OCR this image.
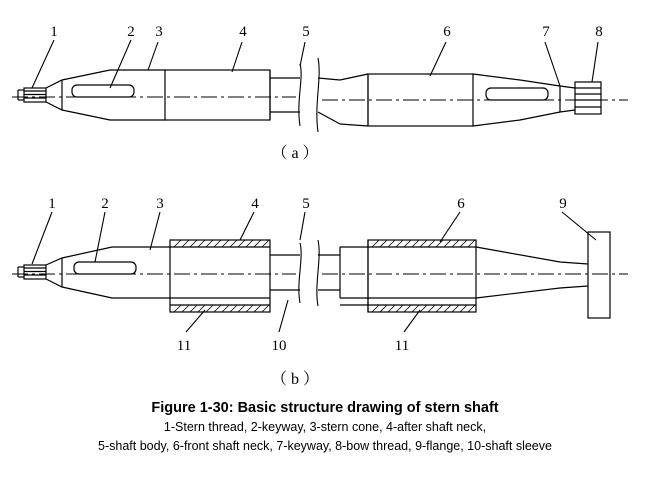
1	2 3	4	5	6	7	8
（ a ）
1	2	3	4	5	6	9
11	10	11
（ b ）
Figure 1-30: Basic structure drawing of stern shaft
1-Stern thread, 2-keyway, 3-stern cone, 4-after shaft neck,
5-shaft body, 6-front shaft neck, 7-keyway, 8-bow thread, 9-flange, 10-shaft sleeve
